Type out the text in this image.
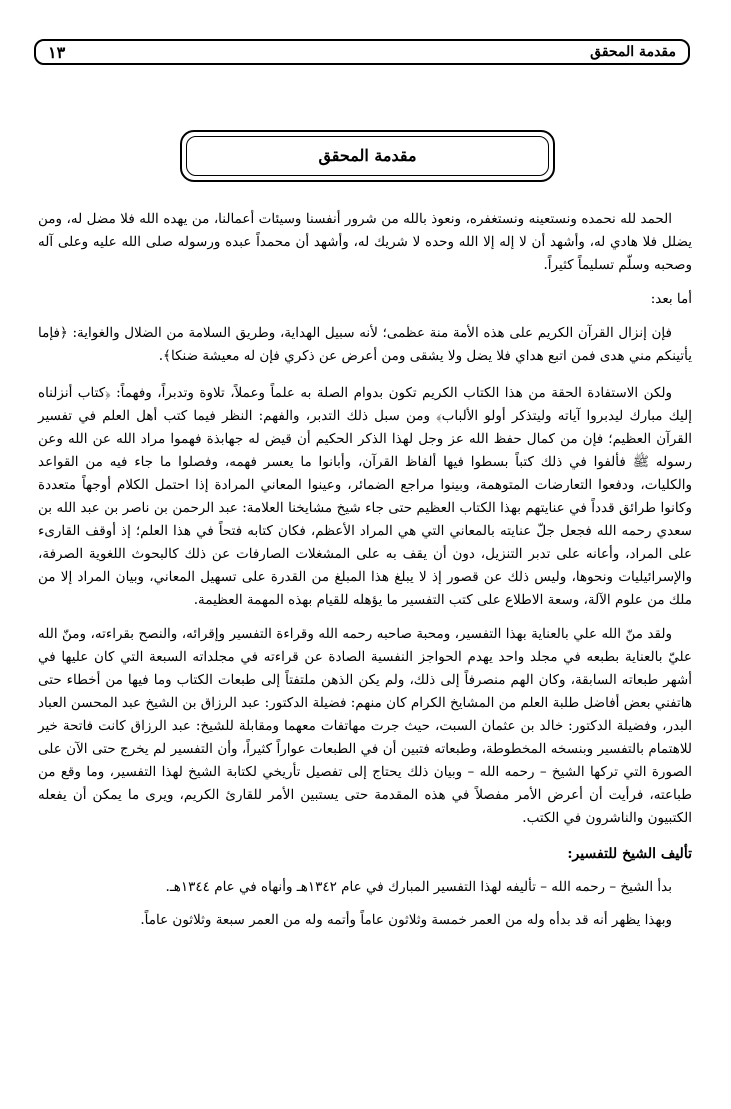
مقدمة المحقق
١٣
مقدمة المحقق

الحمد لله نحمده ونستعينه ونستغفره، ونعوذ بالله من شرور أنفسنا وسيئات أعمالنا، من يهده الله فلا مضل له، ومن يضلل فلا هادي له، وأشهد أن لا إله إلا الله وحده لا شريك له، وأشهد أن محمداً عبده ورسوله صلى الله عليه وعلى آله وصحبه وسلّم تسليماً كثيراً.

أما بعد:

فإن إنزال القرآن الكريم على هذه الأمة منة عظمى؛ لأنه سبيل الهداية، وطريق السلامة من الضلال والغواية: ﴿فإما يأتينكم مني هدى فمن اتبع هداي فلا يضل ولا يشقى ومن أعرض عن ذكري فإن له معيشة ضنكا﴾.

ولكن الاستفادة الحقة من هذا الكتاب الكريم تكون بدوام الصلة به علماً وعملاً، تلاوة وتدبراً، وفهماً: ﴿كتاب أنزلناه إليك مبارك ليدبروا آياته وليتذكر أولو الألباب﴾ ومن سبل ذلك التدبر، والفهم: النظر فيما كتب أهل العلم في تفسير القرآن العظيم؛ فإن من كمال حفظ الله عز وجل لهذا الذكر الحكيم أن قيض له جهابذة فهموا مراد الله عن الله وعن رسوله ﷺ فألفوا في ذلك كتباً بسطوا فيها ألفاظ القرآن، وأبانوا ما يعسر فهمه، وفصلوا ما جاء فيه من القواعد والكليات، ودفعوا التعارضات المتوهمة، وبينوا مراجع الضمائر، وعينوا المعاني المرادة إذا احتمل الكلام أوجهاً متعددة وكانوا طرائق قدداً في عنايتهم بهذا الكتاب العظيم حتى جاء شيخ مشايخنا العلامة: عبد الرحمن بن ناصر بن عبد الله بن سعدي رحمه الله فجعل جلّ عنايته بالمعاني التي هي المراد الأعظم، فكان كتابه فتحاً في هذا العلم؛ إذ أوقف القارىء على المراد، وأعانه على تدبر التنزيل، دون أن يقف به على المشغلات الصارفات عن ذلك كالبحوث اللغوية الصرفة، والإسرائيليات ونحوها، وليس ذلك عن قصور إذ لا يبلغ هذا المبلغ من القدرة على تسهيل المعاني، وبيان المراد إلا من ملك من علوم الآلة، وسعة الاطلاع على كتب التفسير ما يؤهله للقيام بهذه المهمة العظيمة.

ولقد منّ الله علي بالعناية بهذا التفسير، ومحبة صاحبه رحمه الله وقراءة التفسير وإقرائه، والنصح بقراءته، ومنّ الله عليّ بالعناية بطبعه في مجلد واحد يهدم الحواجز النفسية الصادة عن قراءته في مجلداته السبعة التي كان عليها في أشهر طبعاته السابقة، وكان الهم منصرفاً إلى ذلك، ولم يكن الذهن ملتفتاً إلى طبعات الكتاب وما فيها من أخطاء حتى هاتفني بعض أفاضل طلبة العلم من المشايخ الكرام كان منهم: فضيلة الدكتور: عبد الرزاق بن الشيخ عبد المحسن العباد البدر، وفضيلة الدكتور: خالد بن عثمان السبت، حيث جرت مهاتفات معهما ومقابلة للشيخ: عبد الرزاق كانت فاتحة خير للاهتمام بالتفسير وبنسخه المخطوطة، وطبعاته فتبين أن في الطبعات عواراً كثيراً، وأن التفسير لم يخرج حتى الآن على الصورة التي تركها الشيخ – رحمه الله – وبيان ذلك يحتاج إلى تفصيل تأريخي لكتابة الشيخ لهذا التفسير، وما وقع من طباعته، فرأيت أن أعرض الأمر مفصلاً في هذه المقدمة حتى يستبين الأمر للقارئ الكريم، ويرى ما يمكن أن يفعله الكتبيون والناشرون في الكتب.

تأليف الشيخ للتفسير:

بدأ الشيخ – رحمه الله – تأليفه لهذا التفسير المبارك في عام ١٣٤٢هـ وأنهاه في عام ١٣٤٤هـ.

وبهذا يظهر أنه قد بدأه وله من العمر خمسة وثلاثون عاماً وأتمه وله من العمر سبعة وثلاثون عاماً.
